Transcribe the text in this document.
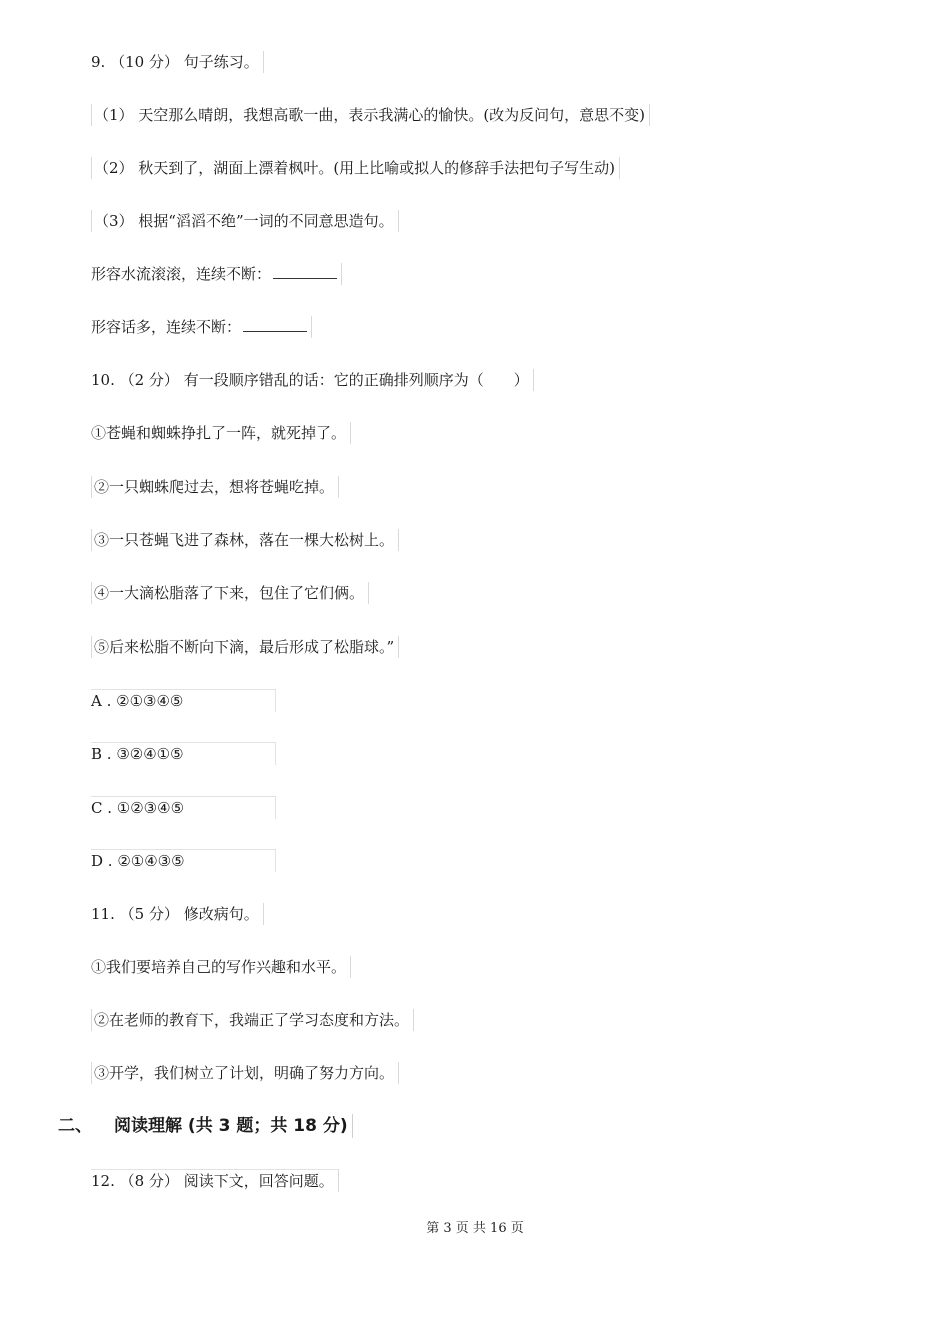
9. （10 分） 句子练习。
（1） 天空那么晴朗，我想高歌一曲，表示我满心的愉快。(改为反问句，意思不变)
（2） 秋天到了，湖面上漂着枫叶。(用上比喻或拟人的修辞手法把句子写生动)
（3） 根据“滔滔不绝”一词的不同意思造句。
形容水流滚滚，连续不断：
形容话多，连续不断：
10. （2 分） 有一段顺序错乱的话：它的正确排列顺序为（　　）
①苍蝇和蜘蛛挣扎了一阵，就死掉了。
②一只蜘蛛爬过去，想将苍蝇吃掉。
③一只苍蝇飞进了森林，落在一棵大松树上。
④一大滴松脂落了下来，包住了它们俩。
⑤后来松脂不断向下滴，最后形成了松脂球。”
A . ②①③④⑤
B . ③②④①⑤
C . ①②③④⑤
D . ②①④③⑤
11. （5 分） 修改病句。
①我们要培养自己的写作兴趣和水平。
②在老师的教育下，我端正了学习态度和方法。
③开学，我们树立了计划，明确了努力方向。
二、 阅读理解 (共 3 题；共 18 分)
12. （8 分） 阅读下文，回答问题。
第 3 页 共 16 页
